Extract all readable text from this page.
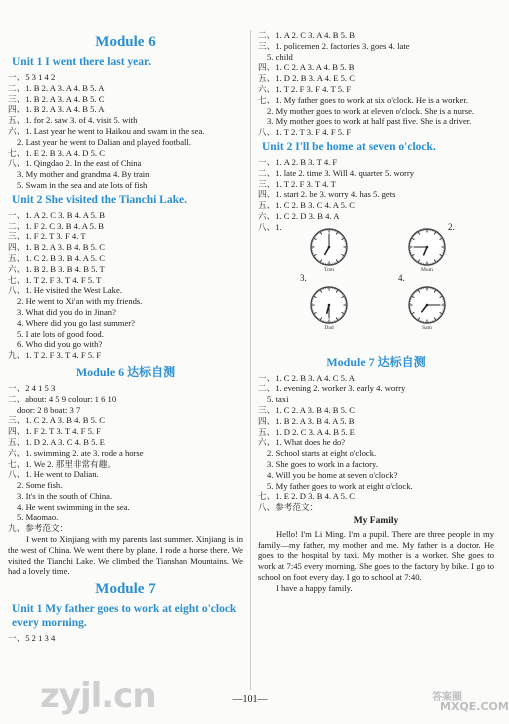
Module 6
Unit 1 I went there last year.
一、5 3 1 4 2
二、1. B 2. A 3. A 4. B 5. A
三、1. B 2. A 3. A 4. B 5. C
四、1. B 2. A 3. A 4. B 5. A
五、1. for 2. saw 3. of 4. visit 5. with
六、1. Last year he went to Haikou and swam in the sea.
2. Last year he went to Dalian and played football.
七、1. E 2. B 3. A 4. D 5. C
八、1. Qingdao 2. In the east of China
3. My mother and grandma 4. By train
5. Swam in the sea and ate lots of fish
Unit 2 She visited the Tianchi Lake.
一、1. A 2. C 3. B 4. A 5. B
二、1. F 2. C 3. B 4. A 5. B
三、1. F 2. T 3. F 4. T
四、1. B 2. A 3. B 4. B 5. C
五、1. C 2. B 3. B 4. A 5. C
六、1. B 2. B 3. B 4. B 5. T
七、1. T 2. F 3. T 4. F 5. T
八、1. He visited the West Lake.
2. He went to Xi'an with my friends.
3. What did you do in Jinan?
4. Where did you go last summer?
5. I ate lots of good food.
6. Who did you go with?
九、1. T 2. F 3. T 4. F 5. F
Module 6 达标自测
一、2 4 1 5 3
二、about: 4 5 9 colour: 1 6 10
door: 2 8 boat: 3 7
三、1. C 2. A 3. B 4. B 5. C
四、1. F 2. T 3. T 4. F 5. F
五、1. D 2. A 3. C 4. B 5. E
六、1. swimming 2. ate 3. rode a horse
七、1. We 2. 那里非常有趣。
八、1. He went to Dalian.
2. Some fish.
3. It's in the south of China.
4. He went swimming in the sea.
5. Maomao.
九、参考范文：
I went to Xinjiang with my parents last summer. Xinjiang is in the west of China. We went there by plane. I rode a horse there. We visited the Tianchi Lake. We climbed the Tianshan Mountains. We had a lovely time.
Module 7
Unit 1 My father goes to work at eight o'clock every morning.
一、5 2 1 3 4
二、1. A 2. C 3. A 4. B 5. B
三、1. policemen 2. factories 3. goes 4. late
5. child
四、1. C 2. A 3. A 4. B 5. B
五、1. D 2. B 3. A 4. E 5. C
六、1. T 2. F 3. F 4. T 5. F
七、1. My father goes to work at six o'clock. He is a worker.
2. My mother goes to work at eleven o'clock. She is a nurse.
3. My mother goes to work at half past five. She is a driver.
八、1. T 2. T 3. F 4. F 5. F
Unit 2 I'll be home at seven o'clock.
一、1. A 2. B 3. T 4. F
二、1. late 2. time 3. Will 4. quarter 5. worry
三、1. T 2. F 3. T 4. T
四、1. start 2. be 3. worry 4. has 5. gets
五、1. C 2. B 3. C 4. A 5. C
六、1. C 2. D 3. B 4. A
八、1.	2.
3.	4.
Tom	Mum
Dad	Sam
Module 7 达标自测
一、1. C 2. B 3. A 4. C 5. A
二、1. evening 2. worker 3. early 4. worry
5. taxi
三、1. C 2. A 3. B 4. B 5. C
四、1. B 2. A 3. B 4. A 5. B
五、1. D 2. C 3. A 4. B 5. E
六、1. What does he do?
2. School starts at eight o'clock.
3. She goes to work in a factory.
4. Will you be home at seven o'clock?
5. My father goes to work at eight o'clock.
七、1. E 2. D 3. B 4. A 5. C
八、参考范文：
My Family
Hello! I'm Li Ming. I'm a pupil. There are three people in my family—my father, my mother and me. My father is a doctor. He goes to the hospital by taxi. My mother is a worker. She goes to work at 7:45 every morning. She goes to the factory by bike. I go to school on foot every day. I go to school at 7:40.
I have a happy family.
—101—
zyjl.cn	答案圈
MXQE.COM
